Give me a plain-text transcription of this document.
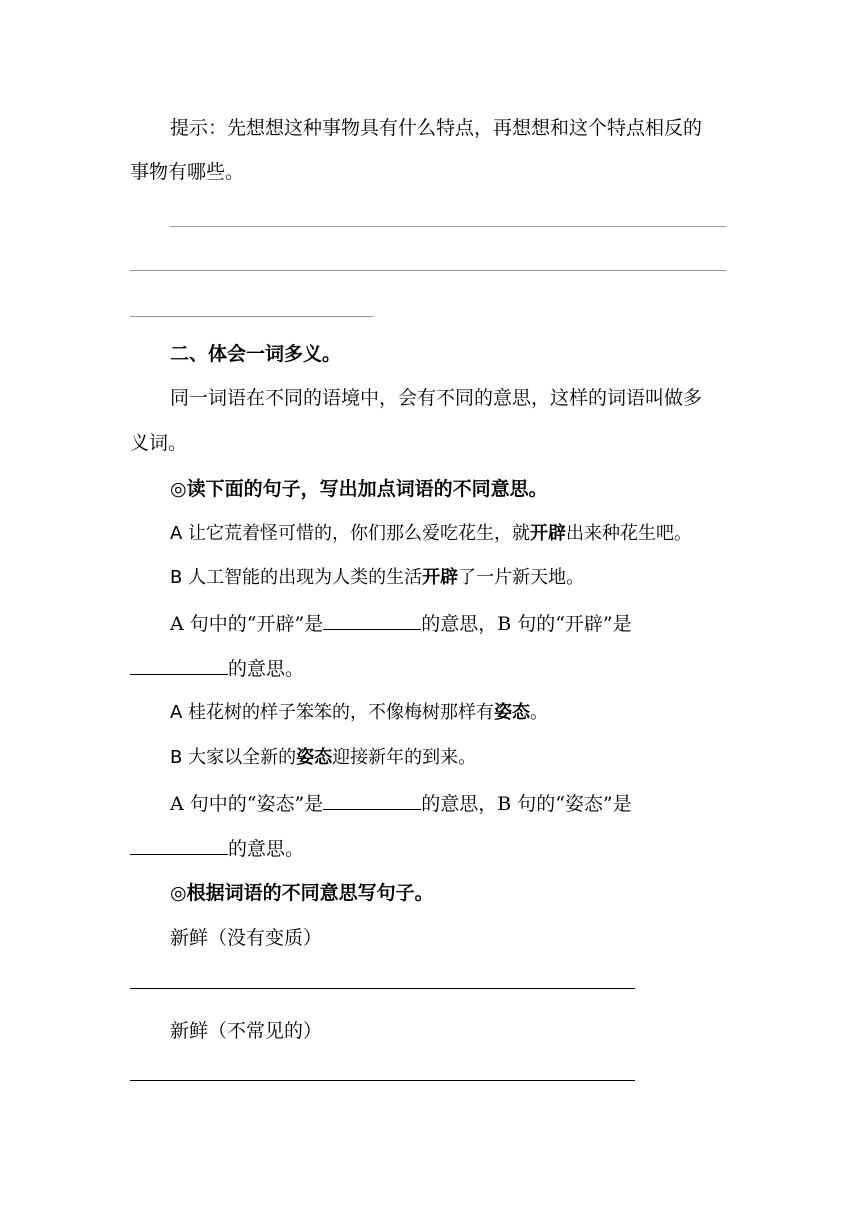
提示：先想想这种事物具有什么特点，再想想和这个特点相反的
事物有哪些。
二、体会一词多义。
同一词语在不同的语境中，会有不同的意思，这样的词语叫做多
义词。
◎读下面的句子，写出加点词语的不同意思。
A 让它荒着怪可惜的，你们那么爱吃花生，就开辟出来种花生吧。
B 人工智能的出现为人类的生活开辟了一片新天地。
A 句中的“开辟”是	的意思，B 句的“开辟”是
的意思。
A 桂花树的样子笨笨的，不像梅树那样有姿态。
B 大家以全新的姿态迎接新年的到来。
A 句中的“姿态”是	的意思，B 句的“姿态”是
的意思。
◎根据词语的不同意思写句子。
新鲜（没有变质）
新鲜（不常见的）
